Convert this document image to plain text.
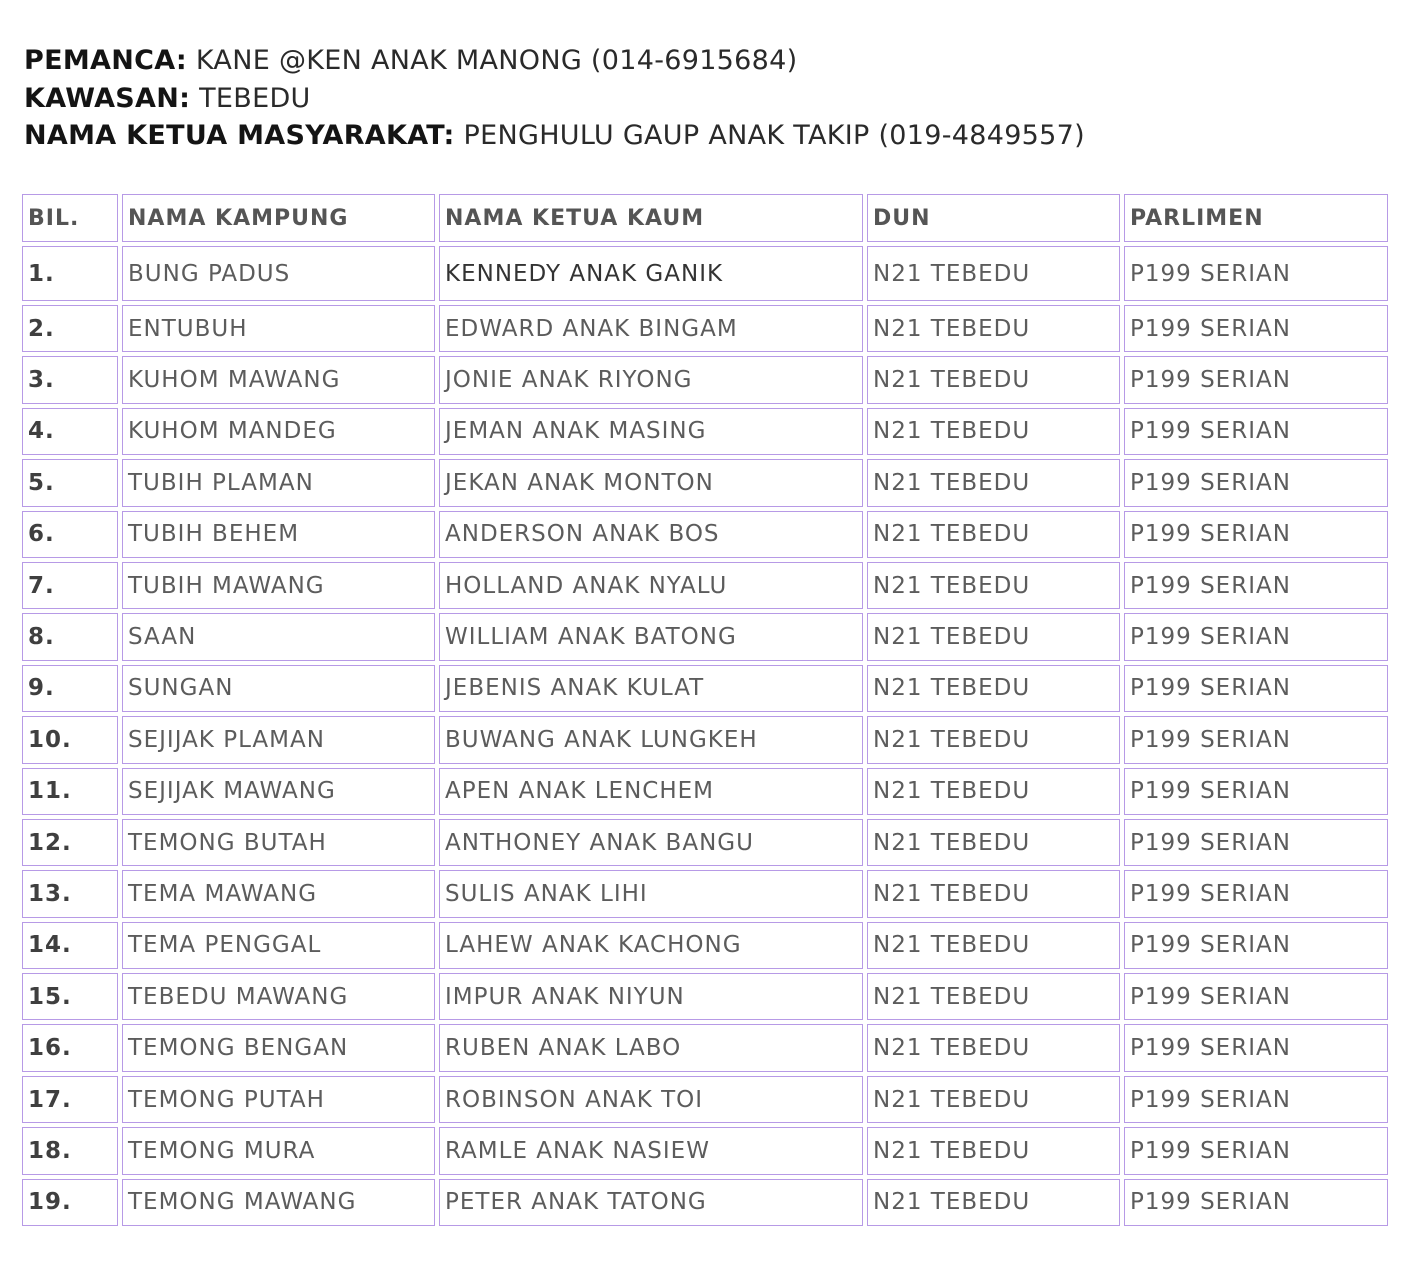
PEMANCA: KANE @KEN ANAK MANONG (014-6915684)
KAWASAN: TEBEDU
NAMA KETUA MASYARAKAT: PENGHULU GAUP ANAK TAKIP (019-4849557)
BIL.	NAMA KAMPUNG	NAMA KETUA KAUM	DUN	PARLIMEN
1.	BUNG PADUS	KENNEDY ANAK GANIK	N21 TEBEDU	P199 SERIAN
2.	ENTUBUH	EDWARD ANAK BINGAM	N21 TEBEDU	P199 SERIAN
3.	KUHOM MAWANG	JONIE ANAK RIYONG	N21 TEBEDU	P199 SERIAN
4.	KUHOM MANDEG	JEMAN ANAK MASING	N21 TEBEDU	P199 SERIAN
5.	TUBIH PLAMAN	JEKAN ANAK MONTON	N21 TEBEDU	P199 SERIAN
6.	TUBIH BEHEM	ANDERSON ANAK BOS	N21 TEBEDU	P199 SERIAN
7.	TUBIH MAWANG	HOLLAND ANAK NYALU	N21 TEBEDU	P199 SERIAN
8.	SAAN	WILLIAM ANAK BATONG	N21 TEBEDU	P199 SERIAN
9.	SUNGAN	JEBENIS ANAK KULAT	N21 TEBEDU	P199 SERIAN
10.	SEJIJAK PLAMAN	BUWANG ANAK LUNGKEH	N21 TEBEDU	P199 SERIAN
11.	SEJIJAK MAWANG	APEN ANAK LENCHEM	N21 TEBEDU	P199 SERIAN
12.	TEMONG BUTAH	ANTHONEY ANAK BANGU	N21 TEBEDU	P199 SERIAN
13.	TEMA MAWANG	SULIS ANAK LIHI	N21 TEBEDU	P199 SERIAN
14.	TEMA PENGGAL	LAHEW ANAK KACHONG	N21 TEBEDU	P199 SERIAN
15.	TEBEDU MAWANG	IMPUR ANAK NIYUN	N21 TEBEDU	P199 SERIAN
16.	TEMONG BENGAN	RUBEN ANAK LABO	N21 TEBEDU	P199 SERIAN
17.	TEMONG PUTAH	ROBINSON ANAK TOI	N21 TEBEDU	P199 SERIAN
18.	TEMONG MURA	RAMLE ANAK NASIEW	N21 TEBEDU	P199 SERIAN
19.	TEMONG MAWANG	PETER ANAK TATONG	N21 TEBEDU	P199 SERIAN
